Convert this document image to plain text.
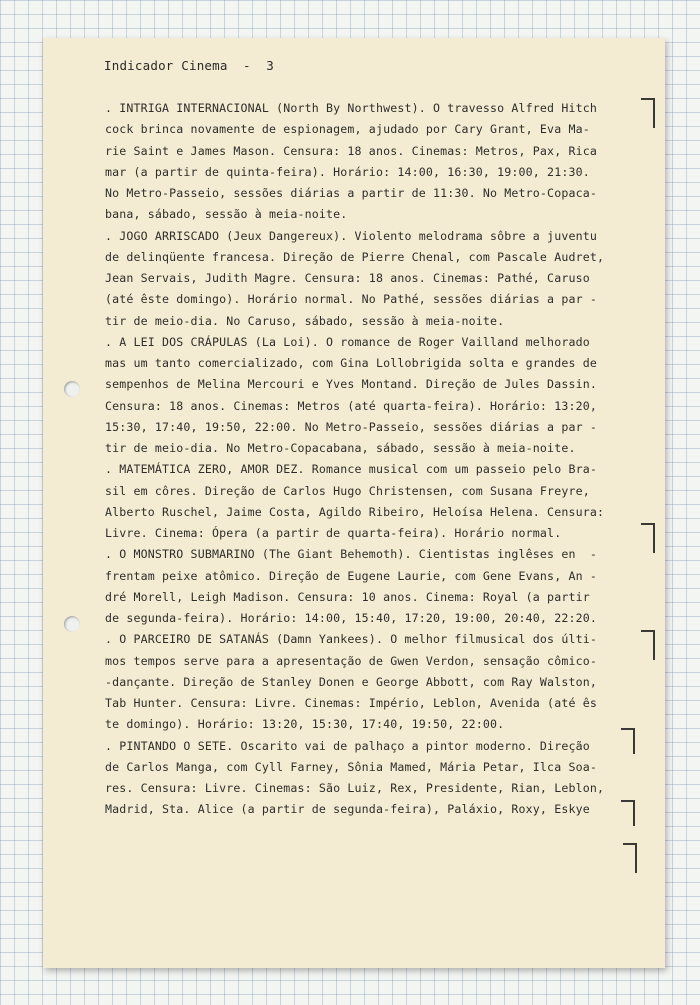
Indicador Cinema  -  3
. INTRIGA INTERNACIONAL (North By Northwest). O travesso Alfred Hitch
cock brinca novamente de espionagem, ajudado por Cary Grant, Eva Ma-
rie Saint e James Mason. Censura: 18 anos. Cinemas: Metros, Pax, Rica
mar (a partir de quinta-feira). Horário: 14:00, 16:30, 19:00, 21:30.
No Metro-Passeio, sessões diárias a partir de 11:30. No Metro-Copaca-
bana, sábado, sessão à meia-noite.
. JOGO ARRISCADO (Jeux Dangereux). Violento melodrama sôbre a juventu
de delinqüente francesa. Direção de Pierre Chenal, com Pascale Audret,
Jean Servais, Judith Magre. Censura: 18 anos. Cinemas: Pathé, Caruso
(até êste domingo). Horário normal. No Pathé, sessões diárias a par -
tir de meio-dia. No Caruso, sábado, sessão à meia-noite.
. A LEI DOS CRÁPULAS (La Loi). O romance de Roger Vailland melhorado
mas um tanto comercializado, com Gina Lollobrigida solta e grandes de
sempenhos de Melina Mercouri e Yves Montand. Direção de Jules Dassin.
Censura: 18 anos. Cinemas: Metros (até quarta-feira). Horário: 13:20,
15:30, 17:40, 19:50, 22:00. No Metro-Passeio, sessões diárias a par -
tir de meio-dia. No Metro-Copacabana, sábado, sessão à meia-noite.
. MATEMÁTICA ZERO, AMOR DEZ. Romance musical com um passeio pelo Bra-
sil em côres. Direção de Carlos Hugo Christensen, com Susana Freyre,
Alberto Ruschel, Jaime Costa, Agildo Ribeiro, Heloísa Helena. Censura:
Livre. Cinema: Ópera (a partir de quarta-feira). Horário normal.
. O MONSTRO SUBMARINO (The Giant Behemoth). Cientistas inglêses en  -
frentam peixe atômico. Direção de Eugene Laurie, com Gene Evans, An -
dré Morell, Leigh Madison. Censura: 10 anos. Cinema: Royal (a partir
de segunda-feira). Horário: 14:00, 15:40, 17:20, 19:00, 20:40, 22:20.
. O PARCEIRO DE SATANÁS (Damn Yankees). O melhor filmusical dos últi-
mos tempos serve para a apresentação de Gwen Verdon, sensação cômico-
-dançante. Direção de Stanley Donen e George Abbott, com Ray Walston,
Tab Hunter. Censura: Livre. Cinemas: Império, Leblon, Avenida (até ês
te domingo). Horário: 13:20, 15:30, 17:40, 19:50, 22:00.
. PINTANDO O SETE. Oscarito vai de palhaço a pintor moderno. Direção
de Carlos Manga, com Cyll Farney, Sônia Mamed, Mária Petar, Ilca Soa-
res. Censura: Livre. Cinemas: São Luiz, Rex, Presidente, Rian, Leblon,
Madrid, Sta. Alice (a partir de segunda-feira), Paláxio, Roxy, Eskye
